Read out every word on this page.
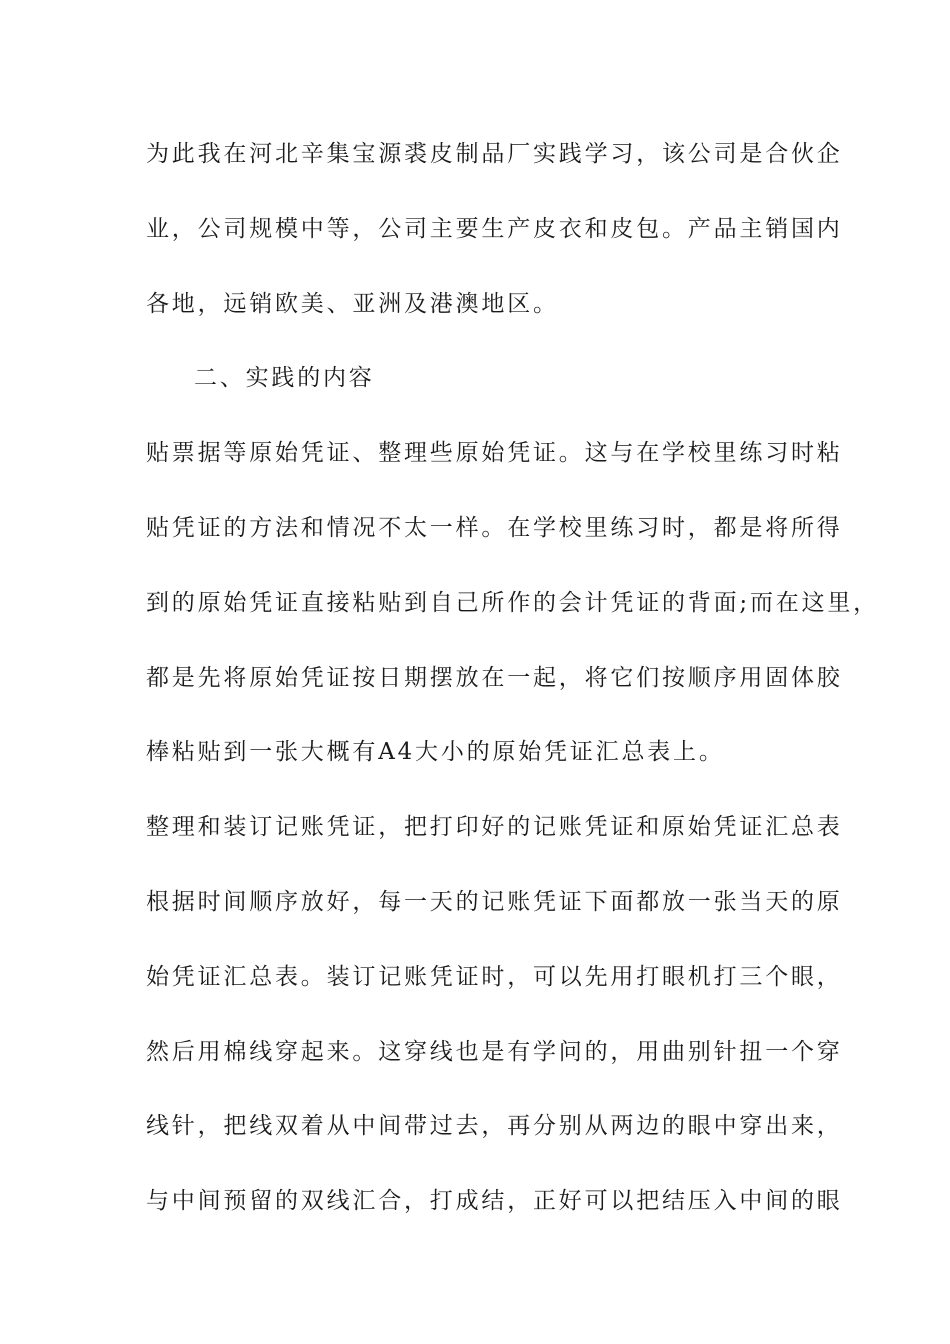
为此我在河北辛集宝源裘皮制品厂实践学习，该公司是合伙企
业，公司规模中等，公司主要生产皮衣和皮包。产品主销国内
各地，远销欧美、亚洲及港澳地区。
二、实践的内容
贴票据等原始凭证、整理些原始凭证。这与在学校里练习时粘
贴凭证的方法和情况不太一样。在学校里练习时，都是将所得
到的原始凭证直接粘贴到自己所作的会计凭证的背面;而在这里，
都是先将原始凭证按日期摆放在一起，将它们按顺序用固体胶
棒粘贴到一张大概有A4大小的原始凭证汇总表上。
整理和装订记账凭证，把打印好的记账凭证和原始凭证汇总表
根据时间顺序放好，每一天的记账凭证下面都放一张当天的原
始凭证汇总表。装订记账凭证时，可以先用打眼机打三个眼，
然后用棉线穿起来。这穿线也是有学问的，用曲别针扭一个穿
线针，把线双着从中间带过去，再分别从两边的眼中穿出来，
与中间预留的双线汇合，打成结，正好可以把结压入中间的眼
